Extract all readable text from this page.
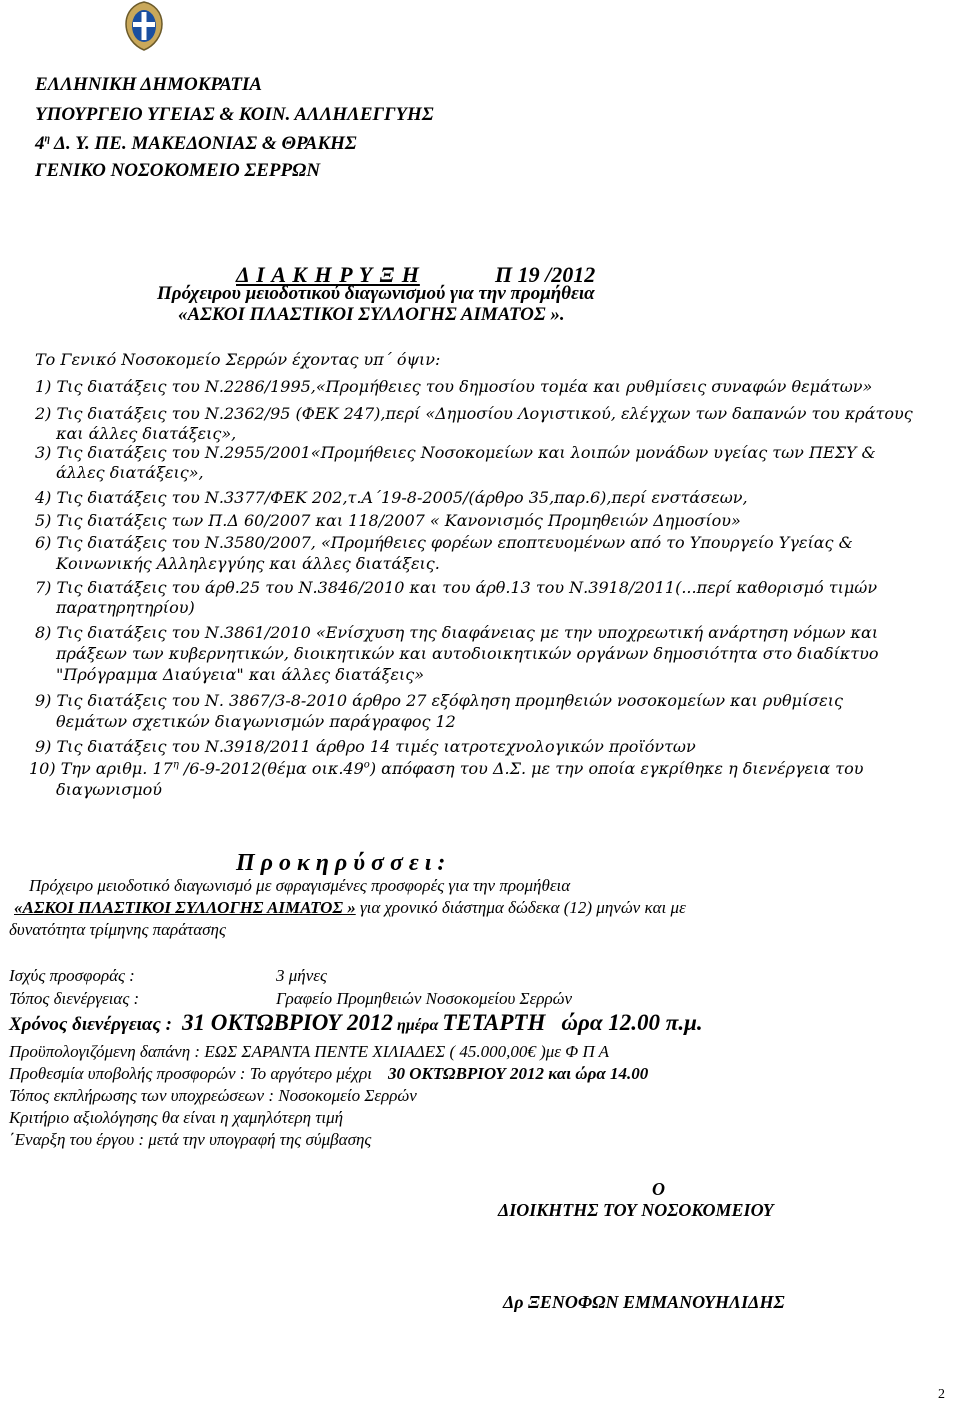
ΕΛΛΗΝΙΚΗ ΔΗΜΟΚΡΑΤΙΑ
ΥΠΟΥΡΓΕΙΟ ΥΓΕΙΑΣ & ΚΟΙΝ. ΑΛΛΗΛΕΓΓΥΗΣ
$4^\eta$ Δ. Υ. ΠΕ. ΜΑΚΕΔΟΝΙΑΣ & ΘΡΑΚΗΣ
ΓΕΝΙΚΟ ΝΟΣΟΚΟΜΕΙΟ ΣΕΡΡΩΝ
Δ Ι Α Κ Η Ρ Υ Ξ Η	Π 19 /2012
Πρόχειρου μειοδοτικού διαγωνισμού για την προμήθεια
«ΑΣΚΟΙ ΠΛΑΣΤΙΚΟΙ ΣΥΛΛΟΓΗΣ ΑΙΜΑΤΟΣ ».
Το Γενικό Νοσοκομείο Σερρών έχοντας υπ΄ όψιν:
1) Τις διατάξεις του Ν.2286/1995,«Προμήθειες του δημοσίου τομέα και ρυθμίσεις συναφών θεμάτων»
2) Τις διατάξεις του Ν.2362/95 (ΦΕΚ 247),περί «Δημοσίου Λογιστικού, ελέγχων των δαπανών του κράτους
και άλλες διατάξεις»,
3) Τις διατάξεις του Ν.2955/2001«Προμήθειες Νοσοκομείων και λοιπών μονάδων υγείας των ΠΕΣΥ &
άλλες διατάξεις»,
4) Τις διατάξεις του Ν.3377/ΦΕΚ 202,τ.Α΄19-8-2005/(άρθρο 35,παρ.6),περί ενστάσεων,
5) Τις διατάξεις των Π.Δ 60/2007 και 118/2007 « Κανονισμός Προμηθειών Δημοσίου»
6) Τις διατάξεις του Ν.3580/2007, «Προμήθειες φορέων εποπτευομένων από το Υπουργείο Υγείας &
Κοινωνικής Αλληλεγγύης και άλλες διατάξεις.
7) Τις διατάξεις του άρθ.25 του Ν.3846/2010 και του άρθ.13 του Ν.3918/2011(...περί καθορισμό τιμών
παρατηρητηρίου)
8) Τις διατάξεις του Ν.3861/2010 «Ενίσχυση της διαφάνειας με την υποχρεωτική ανάρτηση νόμων και
πράξεων των κυβερνητικών, διοικητικών και αυτοδιοικητικών οργάνων δημοσιότητα στο διαδίκτυο
"Πρόγραμμα Διαύγεια" και άλλες διατάξεις»
9) Τις διατάξεις του Ν. 3867/3-8-2010 άρθρο 27 εξόφληση προμηθειών νοσοκομείων και ρυθμίσεις
θεμάτων σχετικών διαγωνισμών παράγραφος 12
9) Τις διατάξεις του Ν.3918/2011 άρθρο 14 τιμές ιατροτεχνολογικών προϊόντων
10) Την αριθμ. $17^\eta$ /6-9-2012(θέμα $o\iota\kappa.49^o$) απόφαση του Δ.Σ. με την οποία εγκρίθηκε η διενέργεια του
διαγωνισμού
Π ρ ο κ η ρ ύ σ σ ε ι :
Πρόχειρο μειοδοτικό διαγωνισμό με σφραγισμένες προσφορές για την προμήθεια
«ΑΣΚΟΙ ΠΛΑΣΤΙΚΟΙ ΣΥΛΛΟΓΗΣ ΑΙΜΑΤΟΣ » για χρονικό διάστημα δώδεκα (12) μηνών και με
δυνατότητα τρίμηνης παράτασης
Ισχύς προσφοράς :	3 μήνες
Τόπος διενέργειας :	Γραφείο Προμηθειών Νοσοκομείου Σερρών
Χρόνος διενέργειας : 31 ΟΚΤΩΒΡΙΟΥ 2012 ημέρα ΤΕΤΑΡΤΗ ώρα 12.00 π.μ.
Προϋπολογιζόμενη δαπάνη : ΕΩΣ ΣΑΡΑΝΤΑ ΠΕΝΤΕ ΧΙΛΙΑΔΕΣ ( 45.000,00€ )με Φ Π Α
Προθεσμία υποβολής προσφορών : Το αργότερο μέχρι 30 ΟΚΤΩΒΡΙΟΥ 2012 και ώρα 14.00
Τόπος εκπλήρωσης των υποχρεώσεων : Νοσοκομείο Σερρών
Κριτήριο αξιολόγησης θα είναι η χαμηλότερη τιμή
΄Εναρξη του έργου : μετά την υπογραφή της σύμβασης
Ο
ΔΙΟΙΚΗΤΗΣ ΤΟΥ ΝΟΣΟΚΟΜΕΙΟΥ
Δρ ΞΕΝΟΦΩΝ ΕΜΜΑΝΟΥΗΛΙΔΗΣ
2
